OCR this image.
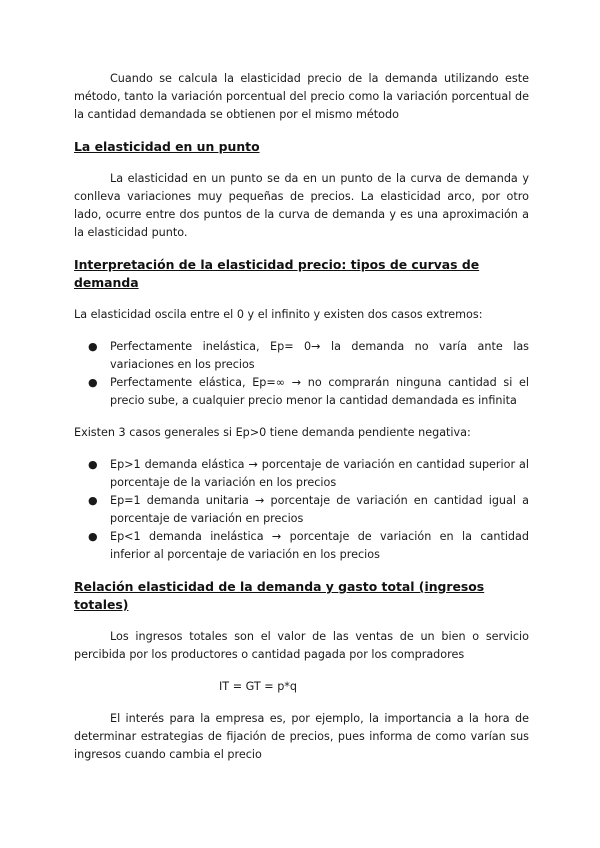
Cuando se calcula la elasticidad precio de la demanda utilizando este método, tanto la variación porcentual del precio como la variación porcentual de la cantidad demandada se obtienen por el mismo método

La elasticidad en un punto

La elasticidad en un punto se da en un punto de la curva de demanda y conlleva variaciones muy pequeñas de precios. La elasticidad arco, por otro lado, ocurre entre dos puntos de la curva de demanda y es una aproximación a la elasticidad punto.

Interpretación de la elasticidad precio: tipos de curvas de demanda

La elasticidad oscila entre el 0 y el infinito y existen dos casos extremos:

● Perfectamente inelástica, Ep= 0→ la demanda no varía ante las variaciones en los precios
● Perfectamente elástica, Ep=∞ → no comprarán ninguna cantidad si el precio sube, a cualquier precio menor la cantidad demandada es infinita

Existen 3 casos generales si Ep>0 tiene demanda pendiente negativa:

● Ep>1 demanda elástica → porcentaje de variación en cantidad superior al porcentaje de la variación en los precios
● Ep=1 demanda unitaria → porcentaje de variación en cantidad igual a porcentaje de variación en precios
● Ep<1 demanda inelástica → porcentaje de variación en la cantidad inferior al porcentaje de variación en los precios
Relación elasticidad de la demanda y gasto total (ingresos totales)

Los ingresos totales son el valor de las ventas de un bien o servicio percibida por los productores o cantidad pagada por los compradores

IT = GT = p*q

El interés para la empresa es, por ejemplo, la importancia a la hora de determinar estrategias de fijación de precios, pues informa de como varían sus ingresos cuando cambia el precio
